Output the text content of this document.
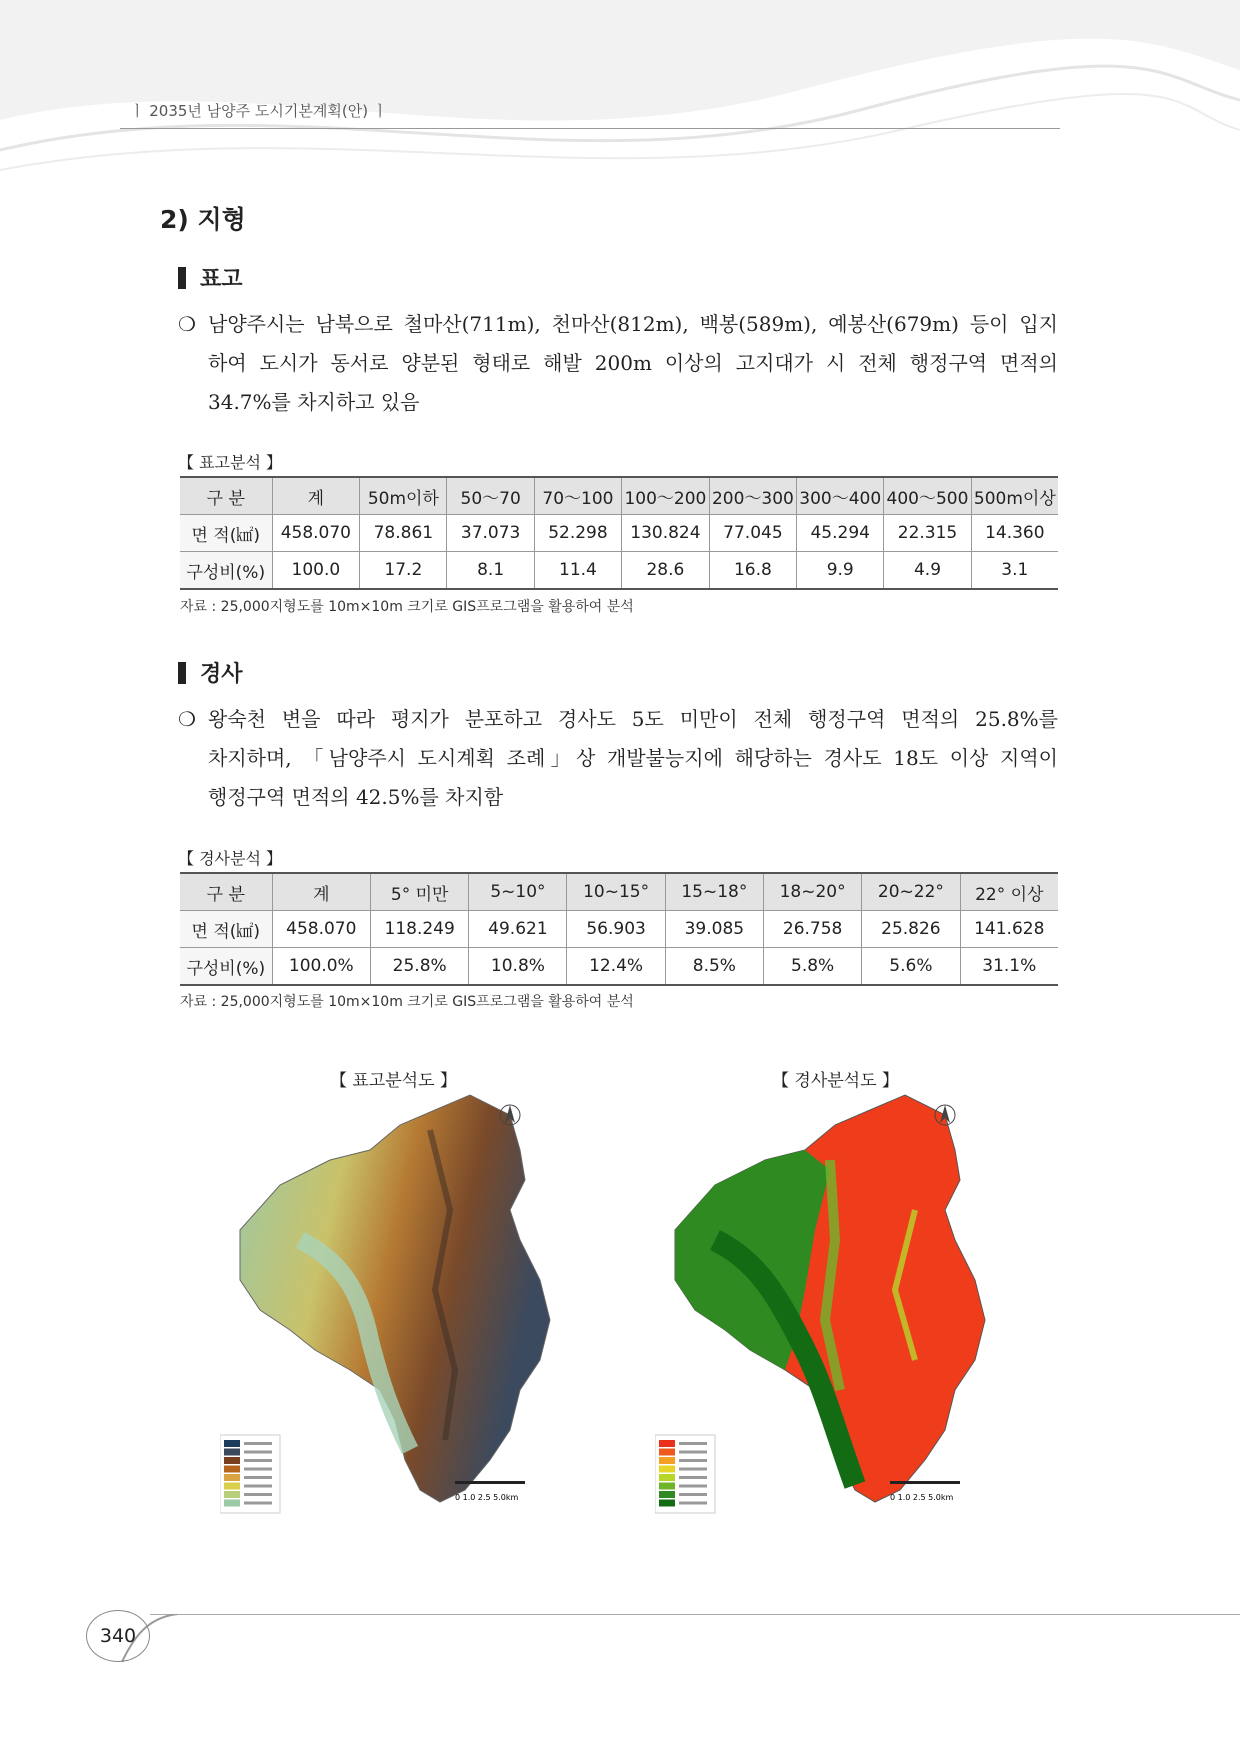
ㅣ 2035년 남양주 도시기본계획(안) ㅣ
2) 지형
표고
❍ 남양주시는 남북으로 철마산(711m), 천마산(812m), 백봉(589m), 예봉산(679m) 등이 입지
하여 도시가 동서로 양분된 형태로 해발 200m 이상의 고지대가 시 전체 행정구역 면적의
34.7%를 차지하고 있음
【 표고분석 】
구 분	계	50m이하	50～70	70～100	100～200	200～300	300～400	400～500	500m이상
면 적(㎢)	458.070	78.861	37.073	52.298	130.824	77.045	45.294	22.315	14.360
구성비(%)	100.0	17.2	8.1	11.4	28.6	16.8	9.9	4.9	3.1
자료 : 25,000지형도를 10m×10m 크기로 GIS프로그램을 활용하여 분석
경사
❍ 왕숙천 변을 따라 평지가 분포하고 경사도 5도 미만이 전체 행정구역 면적의 25.8%를
차지하며, 「남양주시 도시계획 조례」상 개발불능지에 해당하는 경사도 18도 이상 지역이
행정구역 면적의 42.5%를 차지함
【 경사분석 】
구 분	계	5° 미만	5~10°	10~15°	15~18°	18~20°	20~22°	22° 이상
면 적(㎢)	458.070	118.249	49.621	56.903	39.085	26.758	25.826	141.628
구성비(%)	100.0%	25.8%	10.8%	12.4%	8.5%	5.8%	5.6%	31.1%
자료 : 25,000지형도를 10m×10m 크기로 GIS프로그램을 활용하여 분석
【 표고분석도 】	【 경사분석도 】
0 1.0 2.5 5.0km	0 1.0 2.5 5.0km
340
